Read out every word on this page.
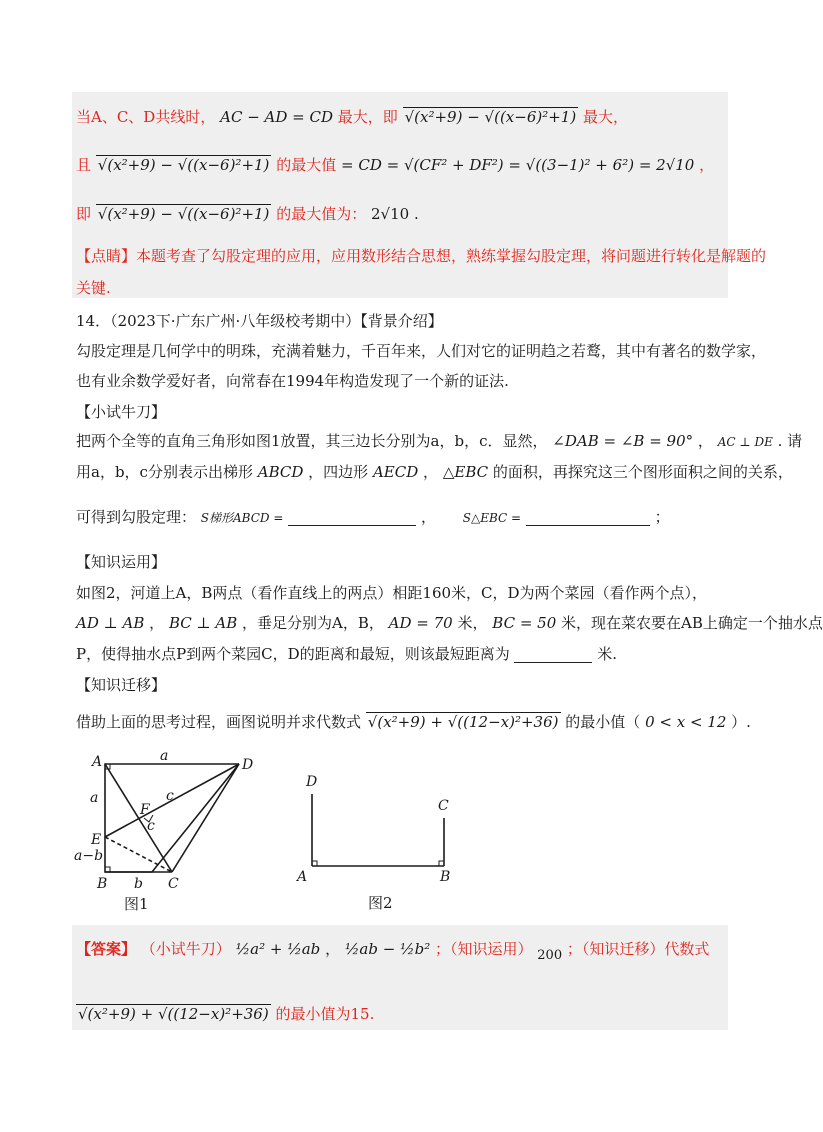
当A、C、D共线时， AC − AD = CD 最大，即 √(x²+9) − √((x−6)²+1) 最大，
且 √(x²+9) − √((x−6)²+1) 的最大值 = CD = √(CF² + DF²) = √((3−1)² + 6²) = 2√10 ，
即 √(x²+9) − √((x−6)²+1) 的最大值为： 2√10 .
【点睛】本题考查了勾股定理的应用，应用数形结合思想，熟练掌握勾股定理，将问题进行转化是解题的
关键.
14．（2023下·广东广州·八年级校考期中）【背景介绍】
勾股定理是几何学中的明珠，充满着魅力，千百年来，人们对它的证明趋之若鹜，其中有著名的数学家，
也有业余数学爱好者，向常春在1994年构造发现了一个新的证法.
【小试牛刀】
把两个全等的直角三角形如图1放置，其三边长分别为a，b，c．显然， ∠DAB = ∠B = 90° ， AC ⊥ DE . 请
用a，b，c分别表示出梯形 ABCD ，四边形 AECD ， △EBC 的面积，再探究这三个图形面积之间的关系，
可得到勾股定理： S梯形ABCD =	， S△EBC =	；
【知识运用】
如图2，河道上A，B两点（看作直线上的两点）相距160米，C，D为两个菜园（看作两个点），
AD ⊥ AB ， BC ⊥ AB ，垂足分别为A，B， AD = 70 米， BC = 50 米，现在菜农要在AB上确定一个抽水点
P，使得抽水点P到两个菜园C，D的距离和最短，则该最短距离为	米.
【知识迁移】
借助上面的思考过程，画图说明并求代数式 √(x²+9) + √((12−x)²+36) 的最小值（ 0 < x < 12 ）.
A	D
E
B	C
F
a
a	c
c
a−b
b
图1
D
C
A	B
图2
【答案】 （小试牛刀） ½a² + ½ab ， ½ab − ½b² ；（知识运用） 200 ；（知识迁移）代数式
√(x²+9) + √((12−x)²+36) 的最小值为15.
